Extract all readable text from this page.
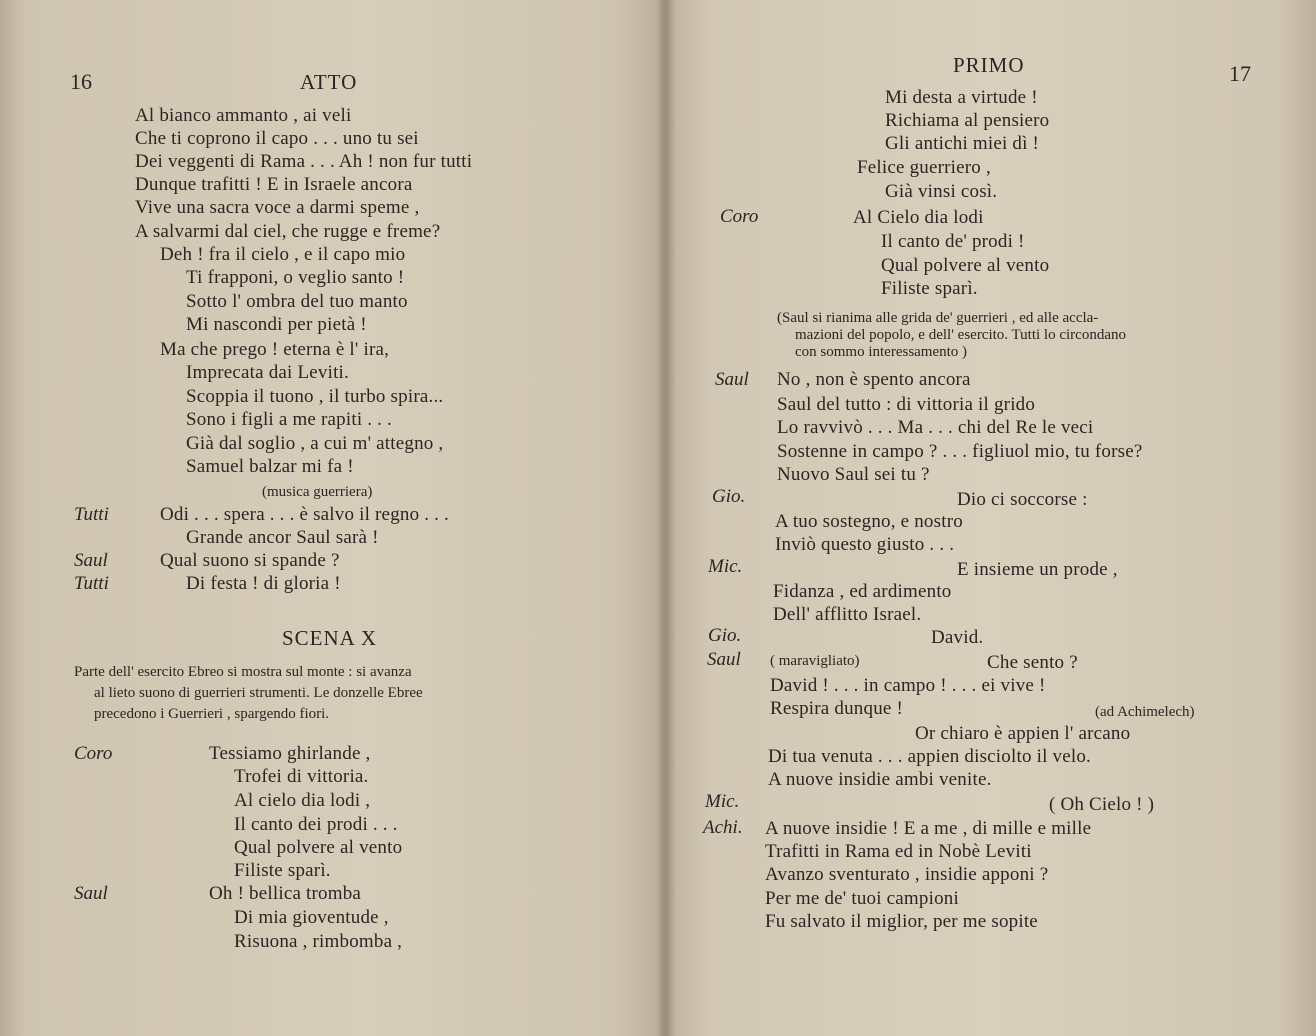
16	ATTO
Al bianco ammanto , ai veli
Che ti coprono il capo . . . uno tu sei
Dei veggenti di Rama . . . Ah ! non fur tutti
Dunque trafitti ! E in Israele ancora
Vive una sacra voce a darmi speme ,
A salvarmi dal ciel, che rugge e freme?
Deh ! fra il cielo , e il capo mio
Ti frapponi, o veglio santo !
Sotto l' ombra del tuo manto
Mi nascondi per pietà !
Ma che prego ! eterna è l' ira,
Imprecata dai Leviti.
Scoppia il tuono , il turbo spira...
Sono i figli a me rapiti . . .
Già dal soglio , a cui m' attegno ,
Samuel balzar mi fa !
(musica guerriera)
Tutti	Odi . . . spera . . . è salvo il regno . . .
Grande ancor Saul sarà !
Saul	Qual suono si spande ?
Tutti	Di festa ! di gloria !
SCENA X
Parte dell' esercito Ebreo si mostra sul monte : si avanza
al lieto suono di guerrieri strumenti. Le donzelle Ebree
precedono i Guerrieri , spargendo fiori.
Coro	Tessiamo ghirlande ,
Trofei di vittoria.
Al cielo dia lodi ,
Il canto dei prodi . . .
Qual polvere al vento
Filiste sparì.
Saul	Oh ! bellica tromba
Di mia gioventude ,
Risuona , rimbomba ,
PRIMO	17
Mi desta a virtude !
Richiama al pensiero
Gli antichi miei dì !
Felice guerriero ,
Già vinsi così.
Coro	Al Cielo dia lodi
Il canto de' prodi !
Qual polvere al vento
Filiste sparì.
(Saul si rianima alle grida de' guerrieri , ed alle accla-
mazioni del popolo, e dell' esercito. Tutti lo circondano
con sommo interessamento )
Saul No , non è spento ancora
Saul del tutto : di vittoria il grido
Lo ravvivò . . . Ma . . . chi del Re le veci
Sostenne in campo ? . . . figliuol mio, tu forse?
Nuovo Saul sei tu ?
Gio.	Dio ci soccorse :
A tuo sostegno, e nostro
Inviò questo giusto . . .
Mic.	E insieme un prode ,
Fidanza , ed ardimento
Dell' afflitto Israel.
Gio.	David.
Saul ( maravigliato)	Che sento ?
David ! . . . in campo ! . . . ei vive !
Respira dunque !	(ad Achimelech)
Or chiaro è appien l' arcano
Di tua venuta . . . appien disciolto il velo.
A nuove insidie ambi venite.
Mic.	( Oh Cielo ! )
Achi. A nuove insidie ! E a me , di mille e mille
Trafitti in Rama ed in Nobè Leviti
Avanzo sventurato , insidie apponi ?
Per me de' tuoi campioni
Fu salvato il miglior, per me sopite
